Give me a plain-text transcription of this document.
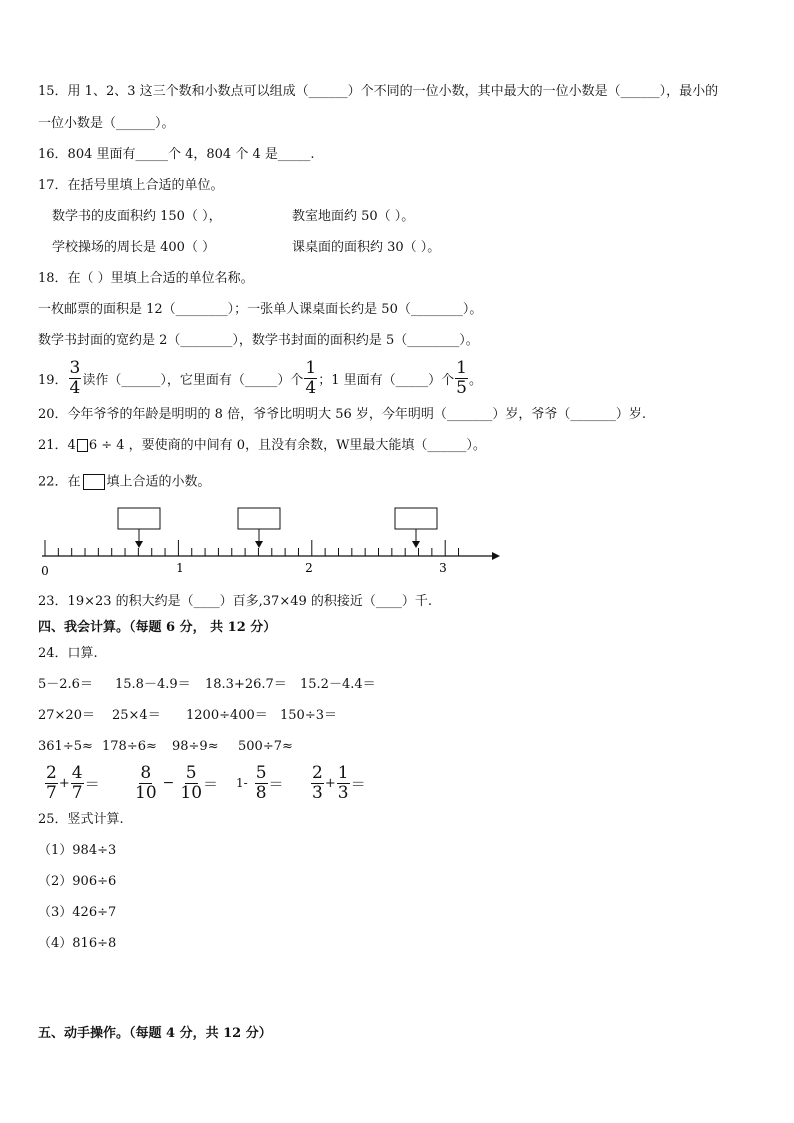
15．用 1、2、3 这三个数和小数点可以组成（______）个不同的一位小数，其中最大的一位小数是（______），最小的
一位小数是（______）。
16．804 里面有_____个 4，804 个 4 是_____.
17．在括号里填上合适的单位。
数学书的皮面积约 150（ ），	教室地面约 50（ ）。
学校操场的周长是 400（ ）	课桌面的面积约 30（ ）。
18．在（ ）里填上合适的单位名称。
一枚邮票的面积是 12（________）；一张单人课桌面长约是 50（________）。
数学书封面的宽约是 2（________），数学书封面的面积约是 5（________）。
19． $\frac{3}{4}$ 读作（______），它里面有（_____）个 $\frac{1}{4}$ ；1 里面有（_____）个 $\frac{1}{5}$ 。
20．今年爷爷的年龄是明明的 8 倍，爷爷比明明大 56 岁，今年明明（_______）岁，爷爷（_______）岁.
21．4 6 ÷ 4 ，要使商的中间有 0，且没有余数，W里最大能填（______）。
22．在 填上合适的小数。
0	1	2	3
23．19×23 的积大约是（____）百多,37×49 的积接近（____）千.
四、我会计算。（每题 6 分， 共 12 分）
24．口算.
5－2.6＝ 15.8－4.9＝ 18.3+26.7＝ 15.2－4.4＝
27×20＝ 25×4＝ 1200÷400＝ 150÷3＝
361÷5≈ 178÷6≈ 98÷9≈ 500÷7≈
$\frac{2}{7} + \frac{4}{7} = \frac{8}{10} - \frac{5}{10} = 1- \frac{5}{8} = \frac{2}{3} + \frac{1}{3}$ ＝
25．竖式计算.
（1）984÷3
（2）906÷6
（3）426÷7
（4）816÷8
五、动手操作。（每题 4 分，共 12 分）
